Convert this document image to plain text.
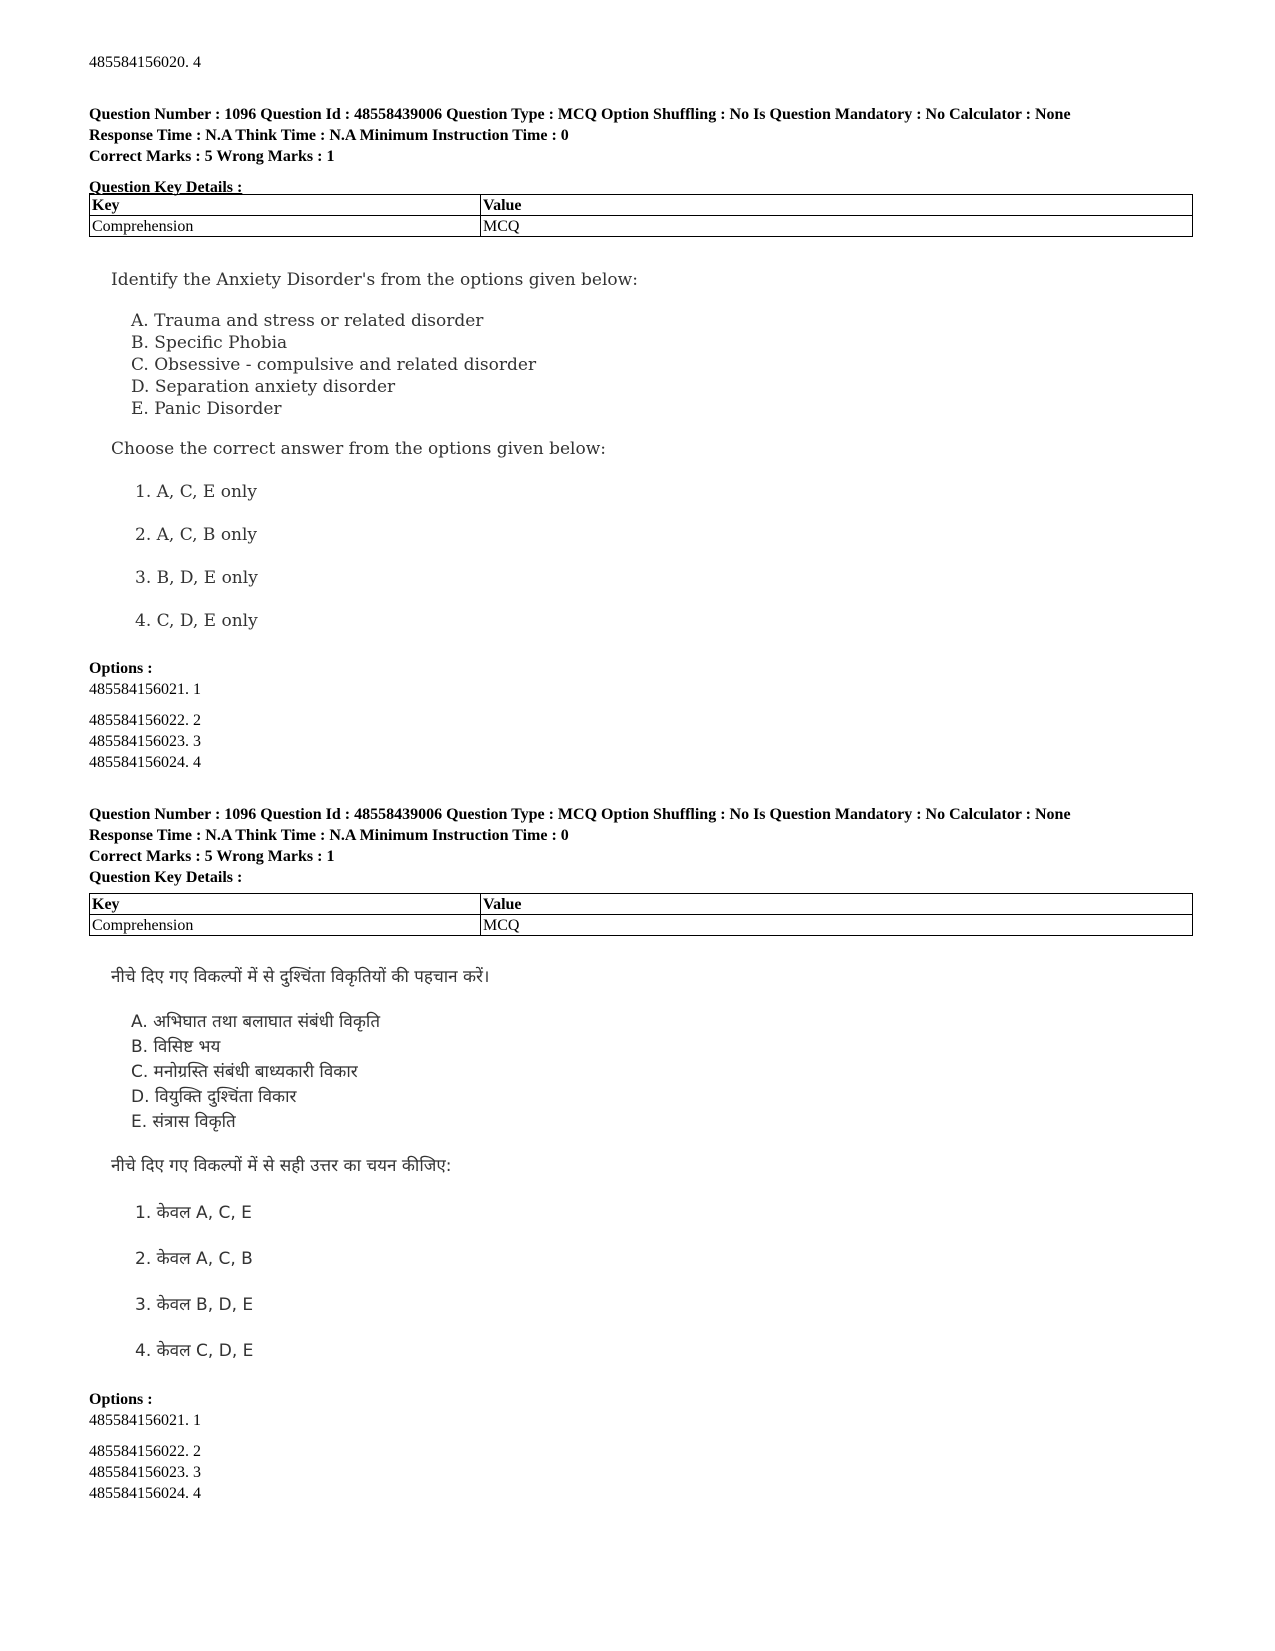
485584156020. 4
Question Number : 1096 Question Id : 48558439006 Question Type : MCQ Option Shuffling : No Is Question Mandatory : No Calculator : None
Response Time : N.A Think Time : N.A Minimum Instruction Time : 0
Correct Marks : 5 Wrong Marks : 1
Question Key Details :
Key	Value
Comprehension	MCQ
Identify the Anxiety Disorder's from the options given below:
A. Trauma and stress or related disorder
B. Specific Phobia
C. Obsessive - compulsive and related disorder
D. Separation anxiety disorder
E. Panic Disorder
Choose the correct answer from the options given below:
1. A, C, E only
2. A, C, B only
3. B, D, E only
4. C, D, E only
Options :
485584156021. 1
485584156022. 2
485584156023. 3
485584156024. 4
Question Number : 1096 Question Id : 48558439006 Question Type : MCQ Option Shuffling : No Is Question Mandatory : No Calculator : None
Response Time : N.A Think Time : N.A Minimum Instruction Time : 0
Correct Marks : 5 Wrong Marks : 1
Question Key Details :
Key	Value
Comprehension	MCQ
नीचे दिए गए विकल्पों में से दुश्चिंता विकृतियों की पहचान करें।
A. अभिघात तथा बलाघात संबंधी विकृति
B. विसिष्ट भय
C. मनोग्रस्ति संबंधी बाध्यकारी विकार
D. वियुक्ति दुश्चिंता विकार
E. संत्रास विकृति
नीचे दिए गए विकल्पों में से सही उत्तर का चयन कीजिए:
1. केवल A, C, E
2. केवल A, C, B
3. केवल B, D, E
4. केवल C, D, E
Options :
485584156021. 1
485584156022. 2
485584156023. 3
485584156024. 4
